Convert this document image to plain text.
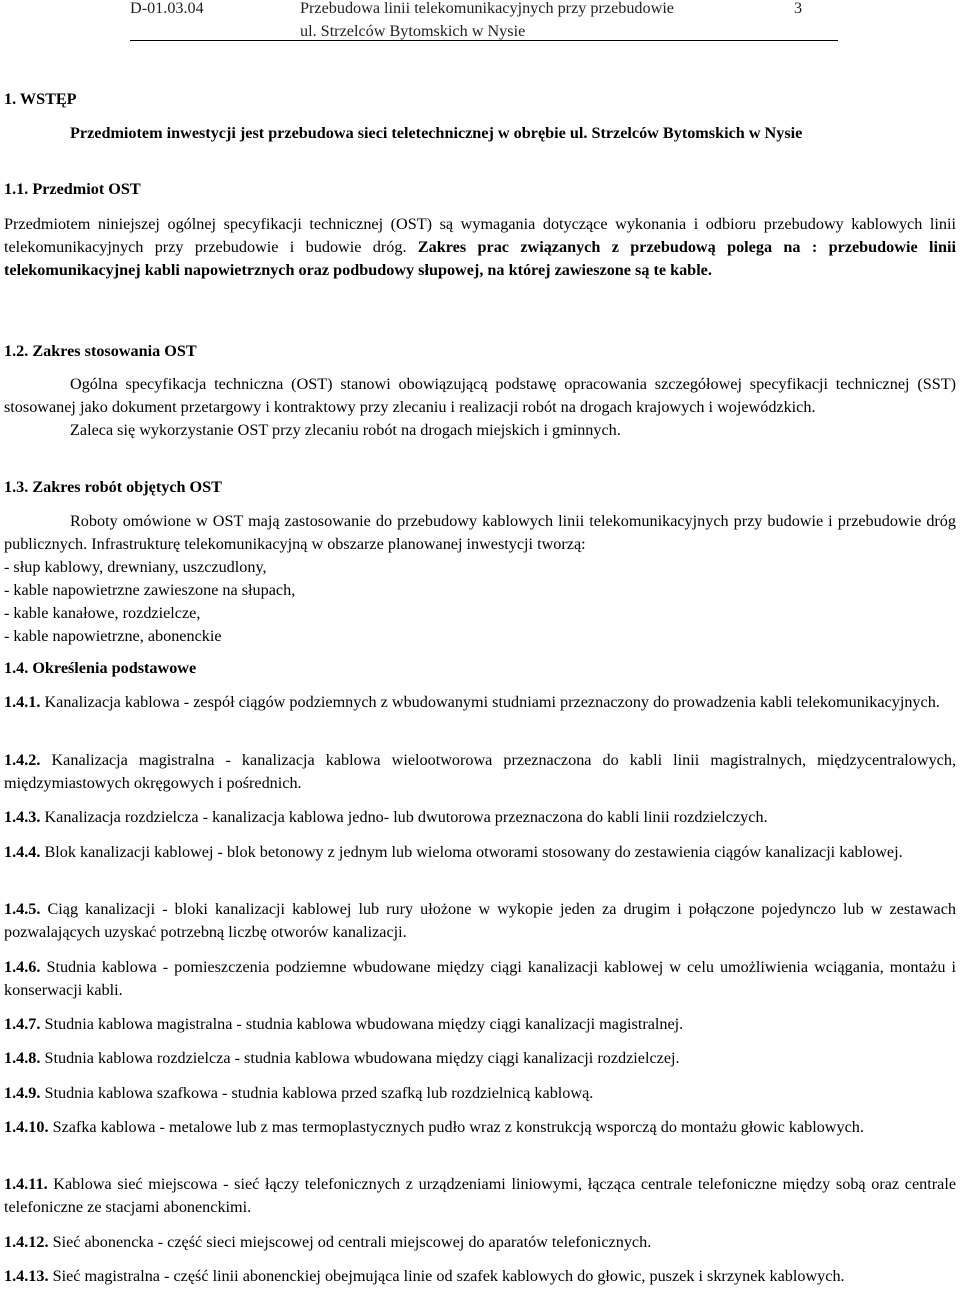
D-01.03.04	Przebudowa linii telekomunikacyjnych przy przebudowie
ul. Strzelców Bytomskich w Nysie
3
1. WSTĘP
Przedmiotem inwestycji jest przebudowa sieci teletechnicznej w obrębie ul. Strzelców Bytomskich w Nysie
1.1. Przedmiot OST

Przedmiotem niniejszej ogólnej specyfikacji technicznej (OST) są wymagania dotyczące wykonania i odbioru przebudowy kablowych linii telekomunikacyjnych przy przebudowie i budowie dróg. Zakres prac związanych z przebudową polega na : przebudowie linii telekomunikacyjnej kabli napowietrznych oraz podbudowy słupowej, na której zawieszone są te kable.

1.2. Zakres stosowania OST

Ogólna specyfikacja techniczna (OST) stanowi obowiązującą podstawę opracowania szczegółowej specyfikacji technicznej (SST) stosowanej jako dokument przetargowy i kontraktowy przy zlecaniu i realizacji robót na drogach krajowych i wojewódzkich.

Zaleca się wykorzystanie OST przy zlecaniu robót na drogach miejskich i gminnych.

1.3. Zakres robót objętych OST

Roboty omówione w OST mają zastosowanie do przebudowy kablowych linii telekomunikacyjnych przy budowie i przebudowie dróg publicznych. Infrastrukturę telekomunikacyjną w obszarze planowanej inwestycji tworzą:

- słup kablowy, drewniany, uszczudlony,
- kable napowietrzne zawieszone na słupach,
- kable kanałowe, rozdzielcze,
- kable napowietrzne, abonenckie
1.4. Określenia podstawowe

1.4.1. Kanalizacja kablowa - zespół ciągów podziemnych z wbudowanymi studniami przeznaczony do prowadzenia kabli telekomunikacyjnych.

1.4.2. Kanalizacja magistralna - kanalizacja kablowa wielootworowa przeznaczona do kabli linii magistralnych, międzycentralowych, międzymiastowych okręgowych i pośrednich.

1.4.3. Kanalizacja rozdzielcza - kanalizacja kablowa jedno- lub dwutorowa przeznaczona do kabli linii rozdzielczych.

1.4.4. Blok kanalizacji kablowej - blok betonowy z jednym lub wieloma otworami stosowany do zestawienia ciągów kanalizacji kablowej.

1.4.5. Ciąg kanalizacji - bloki kanalizacji kablowej lub rury ułożone w wykopie jeden za drugim i połączone pojedynczo lub w zestawach pozwalających uzyskać potrzebną liczbę otworów kanalizacji.

1.4.6. Studnia kablowa - pomieszczenia podziemne wbudowane między ciągi kanalizacji kablowej w celu umożliwienia wciągania, montażu i konserwacji kabli.

1.4.7. Studnia kablowa magistralna - studnia kablowa wbudowana między ciągi kanalizacji magistralnej.

1.4.8. Studnia kablowa rozdzielcza - studnia kablowa wbudowana między ciągi kanalizacji rozdzielczej.

1.4.9. Studnia kablowa szafkowa - studnia kablowa przed szafką lub rozdzielnicą kablową.

1.4.10. Szafka kablowa - metalowe lub z mas termoplastycznych pudło wraz z konstrukcją wsporczą do montażu głowic kablowych.

1.4.11. Kablowa sieć miejscowa - sieć łączy telefonicznych z urządzeniami liniowymi, łącząca centrale telefoniczne między sobą oraz centrale telefoniczne ze stacjami abonenckimi.

1.4.12. Sieć abonencka - część sieci miejscowej od centrali miejscowej do aparatów telefonicznych.

1.4.13. Sieć magistralna - część linii abonenckiej obejmująca linie od szafek kablowych do głowic, puszek i skrzynek kablowych.
